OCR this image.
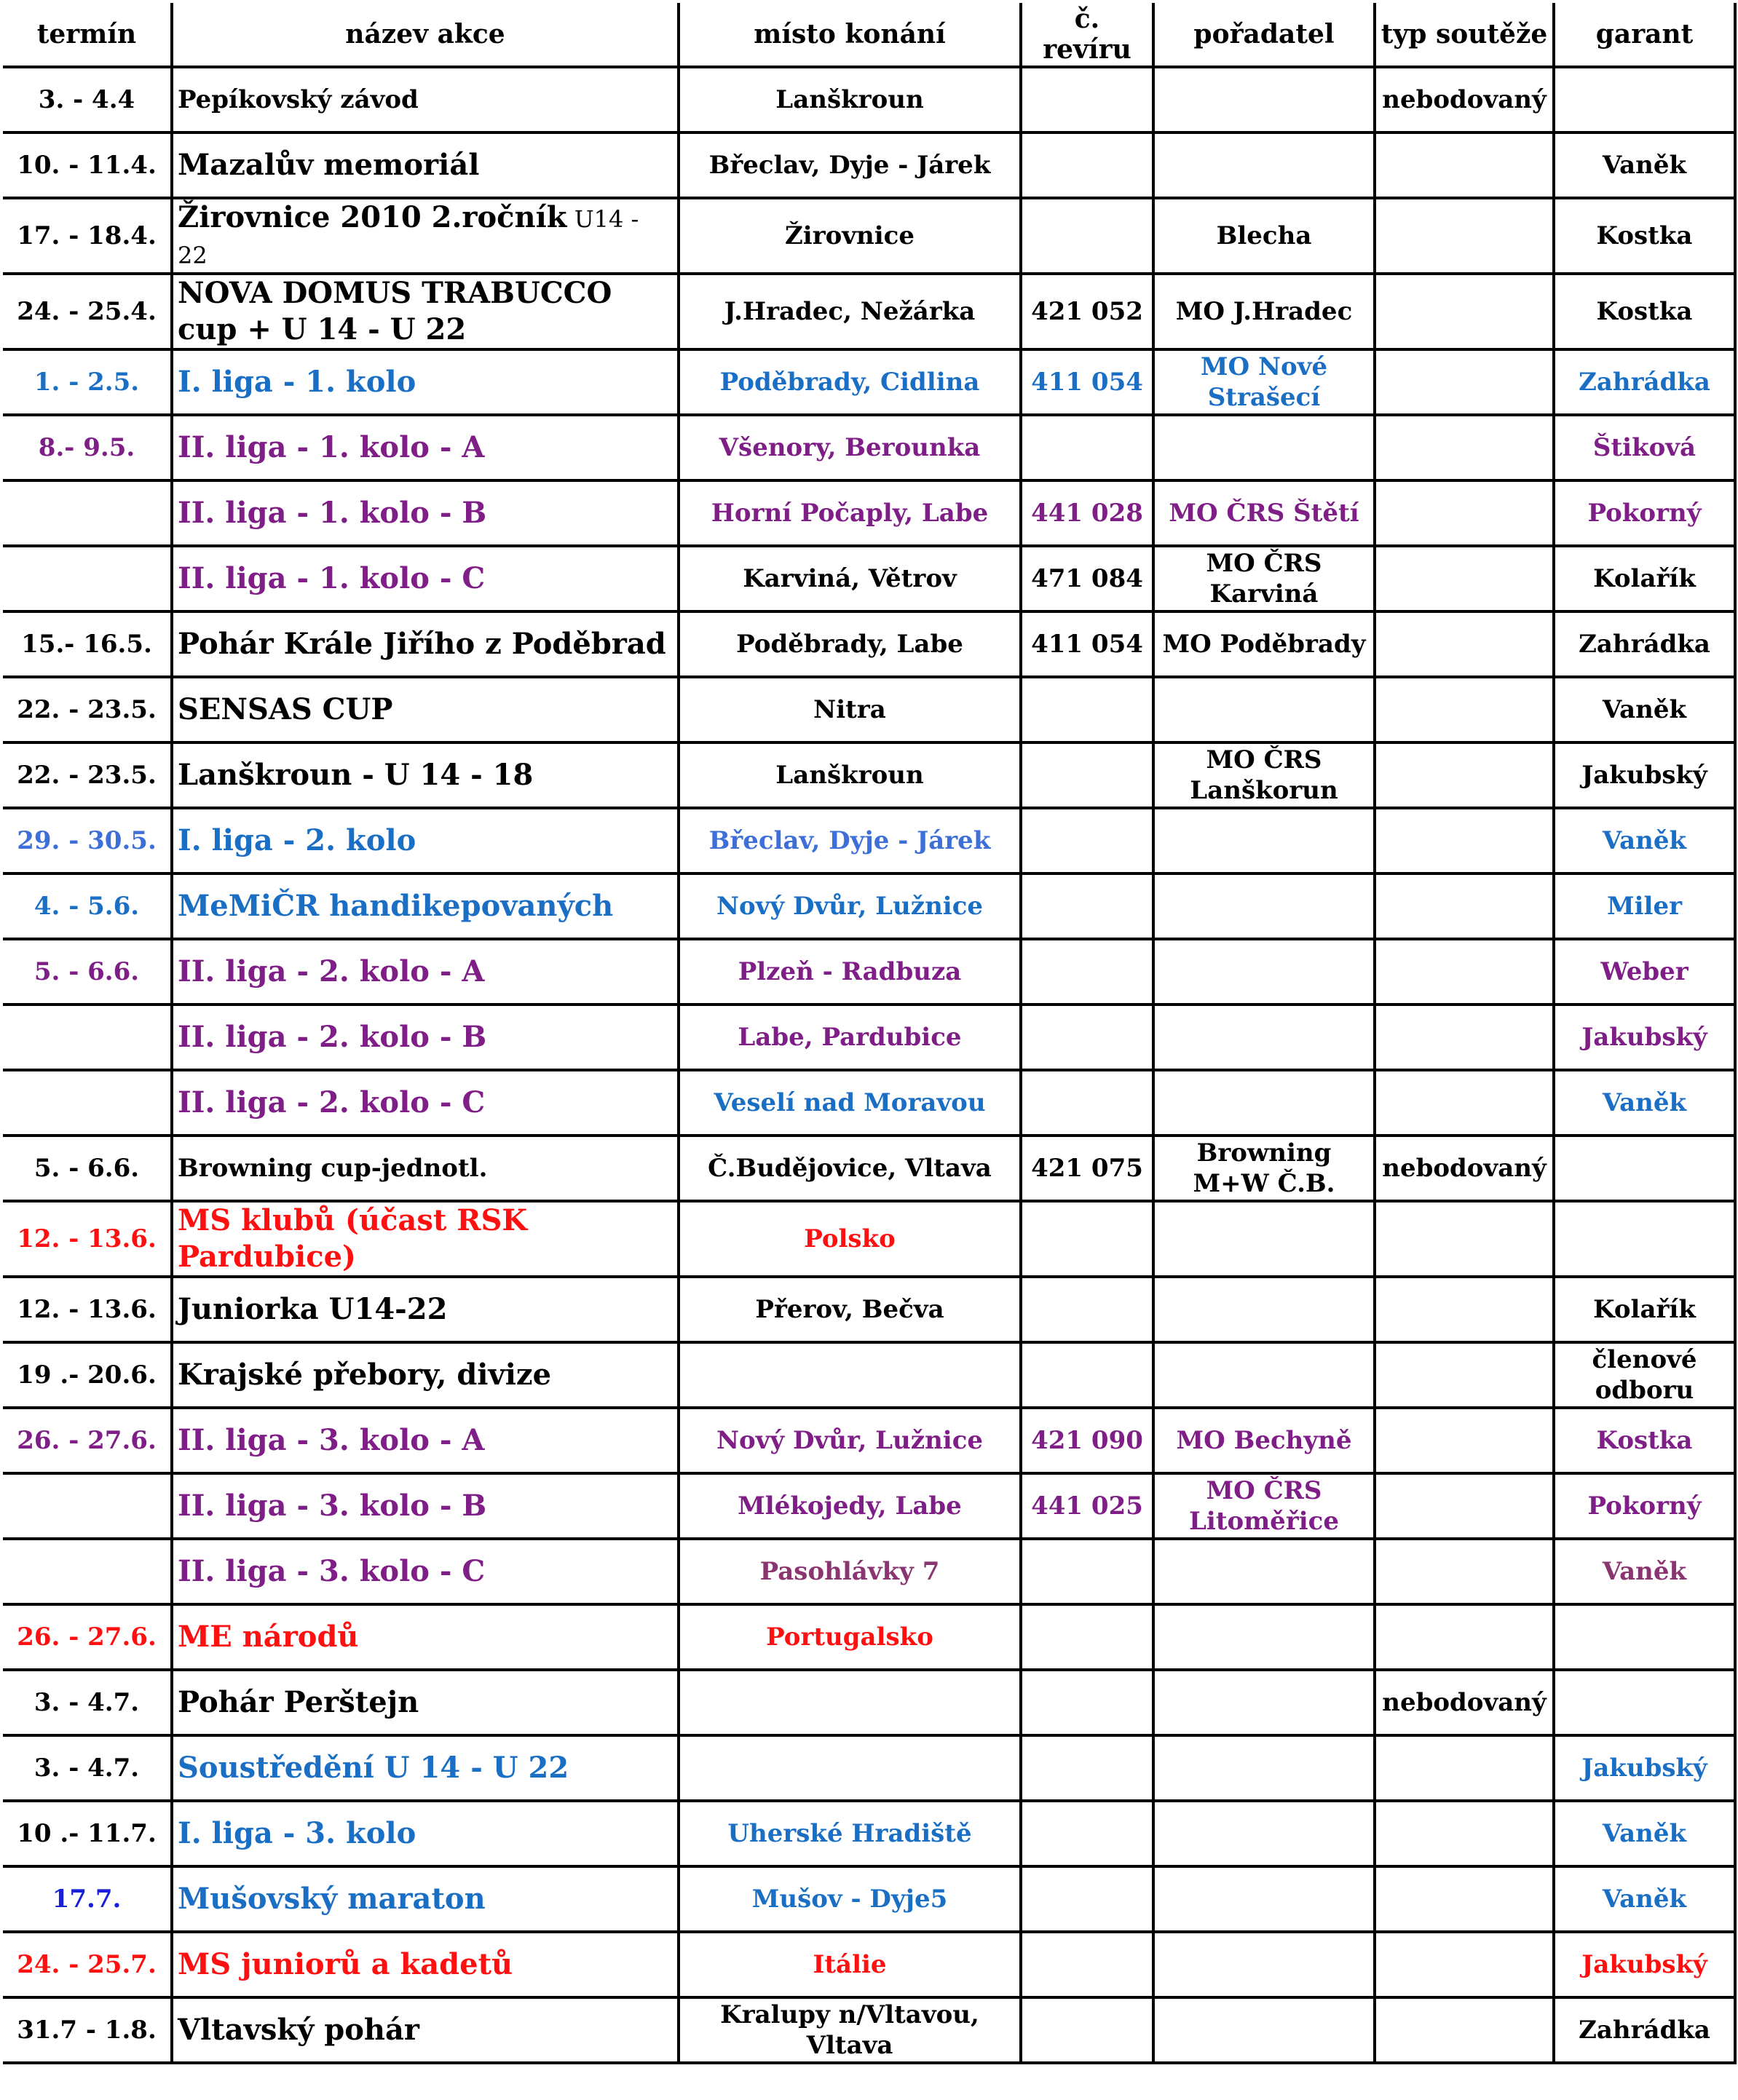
termín	název akce	místo konání	č. revíru	pořadatel	typ soutěže	garant
3. - 4.4	Pepíkovský závod	Lanškroun			nebodovaný	
10. - 11.4.	Mazalův memoriál	Břeclav, Dyje - Járek				Vaněk
17. - 18.4.	Žirovnice 2010 2.ročník U14 - 22	Žirovnice		Blecha		Kostka
24. - 25.4.	NOVA DOMUS TRABUCCO cup + U 14 - U 22	J.Hradec, Nežárka	421 052	MO J.Hradec		Kostka
1. - 2.5.	I. liga - 1. kolo	Poděbrady, Cidlina	411 054	MO Nové Strašecí		Zahrádka
8.- 9.5.	II. liga - 1. kolo - A	Všenory, Berounka				Štiková
	II. liga - 1. kolo - B	Horní Počaply, Labe	441 028	MO ČRS Štětí		Pokorný
	II. liga - 1. kolo - C	Karviná, Větrov	471 084	MO ČRS Karviná		Kolařík
15.- 16.5.	Pohár Krále Jiřího z Poděbrad	Poděbrady, Labe	411 054	MO Poděbrady		Zahrádka
22. - 23.5.	SENSAS CUP	Nitra				Vaněk
22. - 23.5.	Lanškroun - U 14 - 18	Lanškroun		MO ČRS Lanškorun		Jakubský
29. - 30.5.	I. liga - 2. kolo	Břeclav, Dyje - Járek				Vaněk
4. - 5.6.	MeMiČR handikepovaných	Nový Dvůr, Lužnice				Miler
5. - 6.6.	II. liga - 2. kolo - A	Plzeň - Radbuza				Weber
	II. liga - 2. kolo - B	Labe, Pardubice				Jakubský
	II. liga - 2. kolo - C	Veselí nad Moravou				Vaněk
5. - 6.6.	Browning cup-jednotl.	Č.Budějovice, Vltava	421 075	Browning M+W Č.B.	nebodovaný	
12. - 13.6.	MS klubů (účast RSK Pardubice)	Polsko				
12. - 13.6.	Juniorka U14-22	Přerov, Bečva				Kolařík
19 .- 20.6.	Krajské přebory, divize					členové odboru
26. - 27.6.	II. liga - 3. kolo - A	Nový Dvůr, Lužnice	421 090	MO Bechyně		Kostka
	II. liga - 3. kolo - B	Mlékojedy, Labe	441 025	MO ČRS Litoměřice		Pokorný
	II. liga - 3. kolo - C	Pasohlávky 7				Vaněk
26. - 27.6.	ME národů	Portugalsko				
3. - 4.7.	Pohár Perštejn				nebodovaný	
3. - 4.7.	Soustředění U 14 - U 22					Jakubský
10 .- 11.7.	I. liga - 3. kolo	Uherské Hradiště				Vaněk
17.7.	Mušovský maraton	Mušov - Dyje5				Vaněk
24. - 25.7.	MS juniorů a kadetů	Itálie				Jakubský
31.7 - 1.8.	Vltavský pohár	Kralupy n/Vltavou, Vltava				Zahrádka
